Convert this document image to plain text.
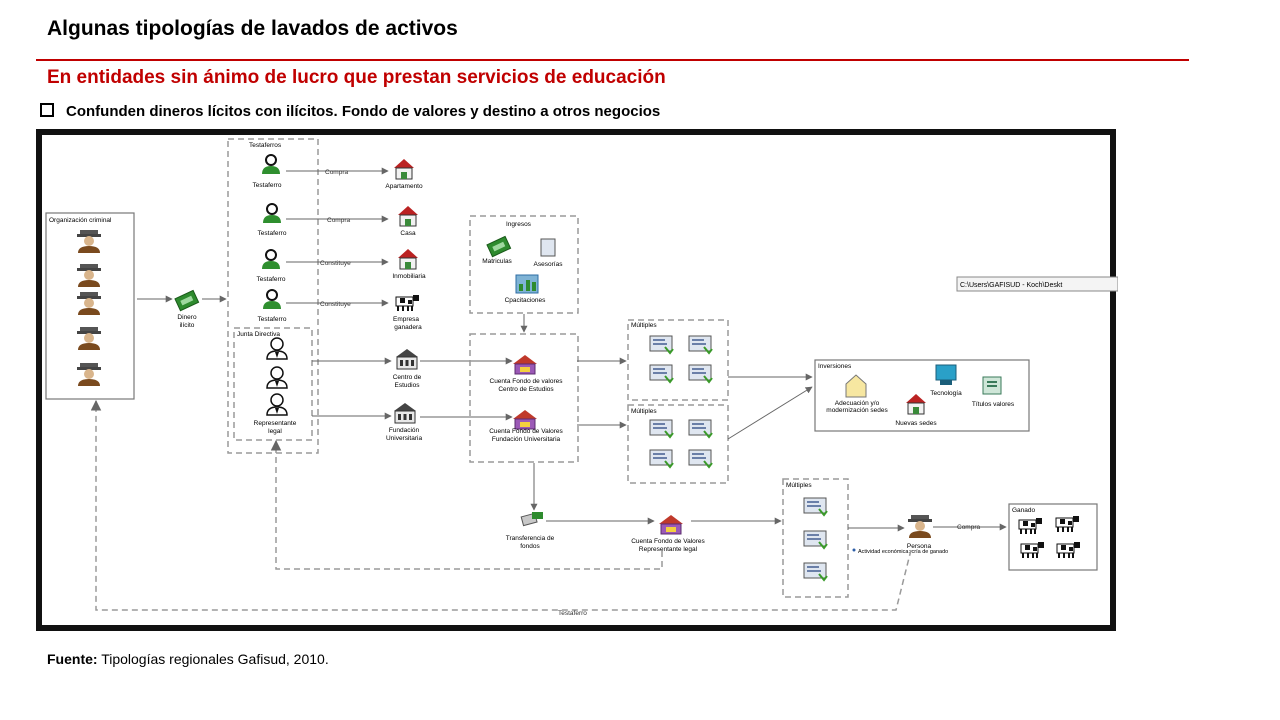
Algunas tipologías de lavados de activos
En entidades sin ánimo de lucro que prestan servicios de educación
Confunden dineros lícitos con ilícitos. Fondo de valores y destino a otros negocios
Organización criminal
Dinero
ilícito
Testaferros
Testaferro
Testaferro
Testaferro
Testaferro
Junta Directiva
Representante
legal
Compra
Compra
Constituye
Constituye
Apartamento
Casa
Inmobiliaria
Empresa
ganadera
Centro de
Estudios
Fundación
Universitaria
Ingresos
Matriculas	Asesorías
Cpacitaciones
Cuenta Fondo de valores
Centro de Estudios
Cuenta Fondo de Valores
Fundación Universitaria
Múltiples
Múltiples
Inversiones
Adecuación y/o
modernización sedes
Nuevas sedes
Tecnología
Títulos valores
C:\Users\GAFISUD - Koch\Deskt
Transferencia de
fondos
Cuenta Fondo de Valores
Representante legal
Múltiples
Persona
Actividad económica: cría de ganado
Compra
Ganado
Testaferro
Fuente: Tipologías regionales Gafisud, 2010.
